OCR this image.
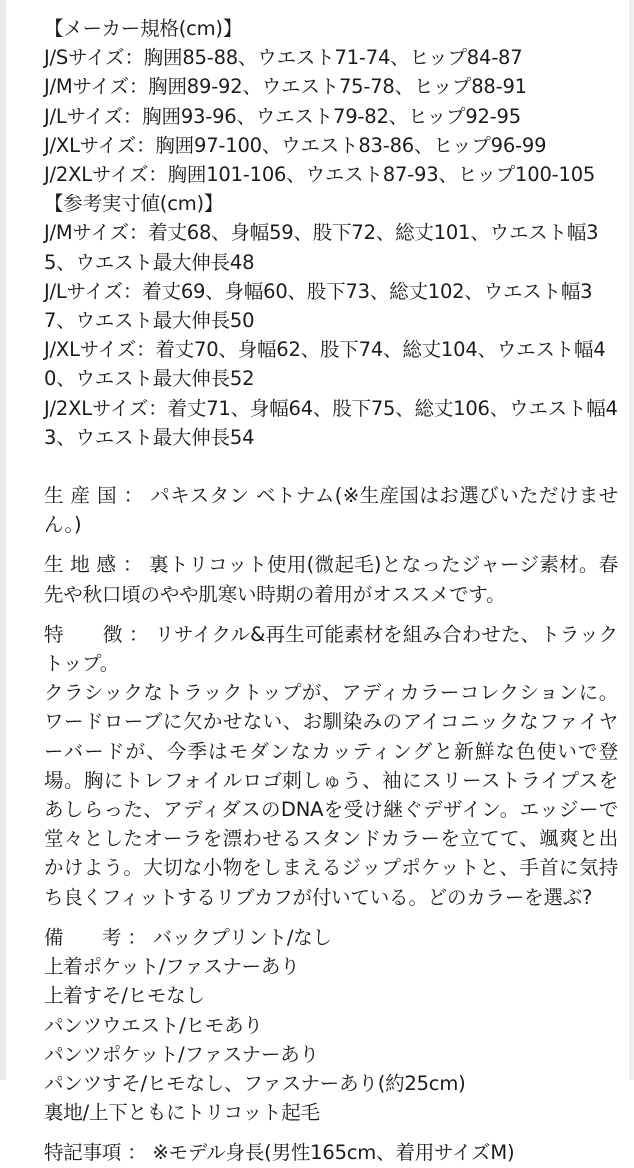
【メーカー規格(cm)】
J/Sサイズ：胸囲85-88、ウエスト71-74、ヒップ84-87
J/Mサイズ：胸囲89-92、ウエスト75-78、ヒップ88-91
J/Lサイズ：胸囲93-96、ウエスト79-82、ヒップ92-95
J/XLサイズ：胸囲97-100、ウエスト83-86、ヒップ96-99
J/2XLサイズ：胸囲101-106、ウエスト87-93、ヒップ100-105
【参考実寸値(cm)】
J/Mサイズ：着丈68、身幅59、股下72、総丈101、ウエスト幅35、ウエスト最大伸長48
J/Lサイズ：着丈69、身幅60、股下73、総丈102、ウエスト幅37、ウエスト最大伸長50
J/XLサイズ：着丈70、身幅62、股下74、総丈104、ウエスト幅40、ウエスト最大伸長52
J/2XLサイズ：着丈71、身幅64、股下75、総丈106、ウエスト幅43、ウエスト最大伸長54
生 産 国 ： パキスタン ベトナム(※生産国はお選びいただけません。)
生 地 感 ： 裏トリコット使用(微起毛)となったジャージ素材。春先や秋口頃のやや肌寒い時期の着用がオススメです。
特　　徴 ： リサイクル&再生可能素材を組み合わせた、トラックトップ。
クラシックなトラックトップが、アディカラーコレクションに。ワードローブに欠かせない、お馴染みのアイコニックなファイヤーバードが、今季はモダンなカッティングと新鮮な色使いで登場。胸にトレフォイルロゴ刺しゅう、袖にスリーストライプスをあしらった、アディダスのDNAを受け継ぐデザイン。エッジーで堂々としたオーラを漂わせるスタンドカラーを立てて、颯爽と出かけよう。大切な小物をしまえるジップポケットと、手首に気持ち良くフィットするリブカフが付いている。どのカラーを選ぶ?
備　　考 ： バックプリント/なし
上着ポケット/ファスナーあり
上着すそ/ヒモなし
パンツウエスト/ヒモあり
パンツポケット/ファスナーあり
パンツすそ/ヒモなし、ファスナーあり(約25cm)
裏地/上下ともにトリコット起毛
特記事項 ： ※モデル身長(男性165cm、着用サイズM)
